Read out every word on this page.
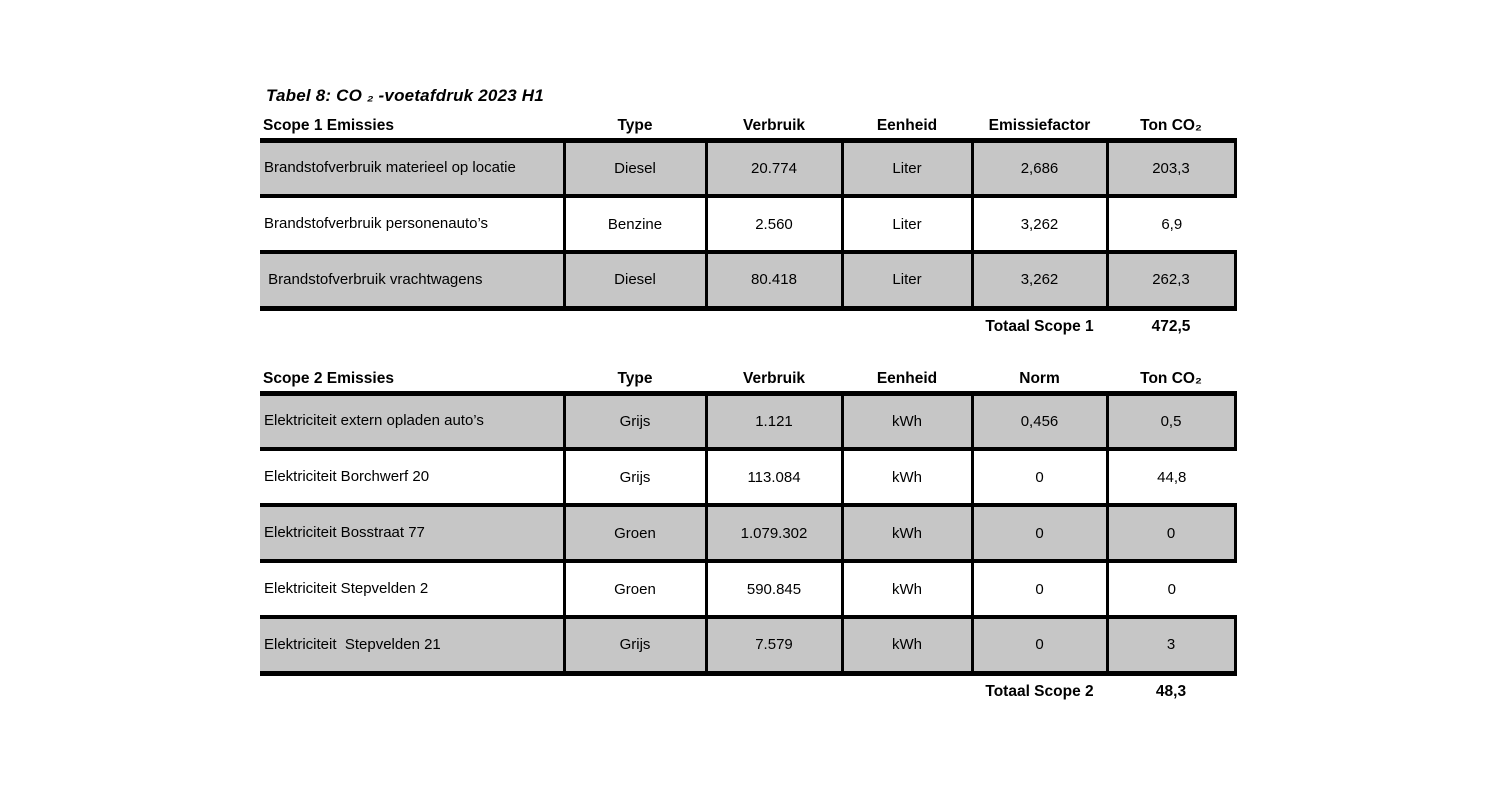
Tabel 8: CO ₂ -voetafdruk 2023 H1
Scope 1 Emissies	Type	Verbruik	Eenheid	Emissiefactor	Ton CO₂
Brandstofverbruik materieel op locatie	Diesel	20.774	Liter	2,686	203,3
Brandstofverbruik personenauto’s	Benzine	2.560	Liter	3,262	6,9
Brandstofverbruik vrachtwagens	Diesel	80.418	Liter	3,262	262,3
				Totaal Scope 1	472,5
Scope 2 Emissies	Type	Verbruik	Eenheid	Norm	Ton CO₂
Elektriciteit extern opladen auto’s	Grijs	1.121	kWh	0,456	0,5
Elektriciteit Borchwerf 20	Grijs	113.084	kWh	0	44,8
Elektriciteit Bosstraat 77	Groen	1.079.302	kWh	0	0
Elektriciteit Stepvelden 2	Groen	590.845	kWh	0	0
Elektriciteit  Stepvelden 21	Grijs	7.579	kWh	0	3
				Totaal Scope 2	48,3
